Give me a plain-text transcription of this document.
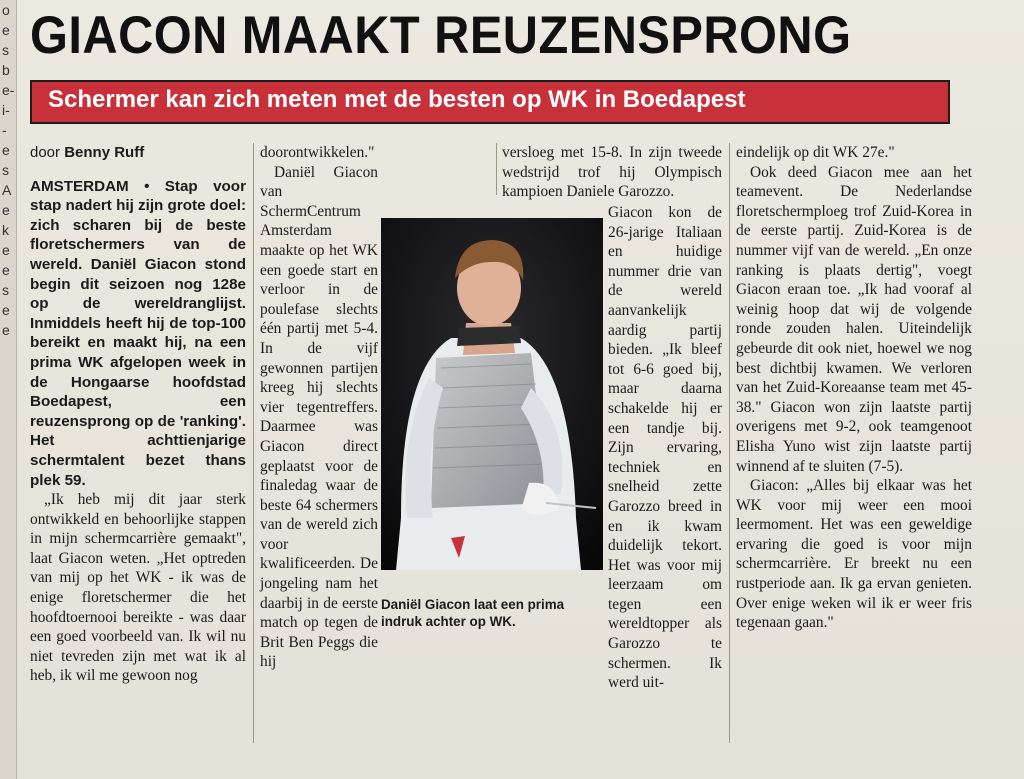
o
e
s
b
e-
i-
-
e
s
A
e
k
e
e
s
e
e
GIACON MAAKT REUZENSPRONG
Schermer kan zich meten met de besten op WK in Boedapest

door Benny Ruff

AMSTERDAM • Stap voor stap nadert hij zijn grote doel: zich scharen bij de beste floretschermers van de wereld. Daniël Giacon stond begin dit seizoen nog 128e op de wereldranglijst. Inmiddels heeft hij de top-100 bereikt en maakt hij, na een prima WK afgelopen week in de Hongaarse hoofdstad Boedapest, een reuzensprong op de 'ranking'. Het achttienjarige schermtalent bezet thans plek 59.

„Ik heb mij dit jaar sterk ontwikkeld en behoorlijke stappen in mijn schermcarrière gemaakt", laat Giacon weten. „Het optreden van mij op het WK - ik was de enige floretschermer die het hoofdtoernooi bereikte - was daar een goed voorbeeld van. Ik wil nu niet tevreden zijn met wat ik al heb, ik wil me gewoon nog

doorontwikkelen."

Daniël Giacon van SchermCentrum Amsterdam maakte op het WK een goede start en verloor in de poulefase slechts één partij met 5-4. In de vijf gewonnen partijen kreeg hij slechts vier tegentreffers. Daarmee was Giacon direct geplaatst voor de finaledag waar de beste 64 schermers van de wereld zich voor kwalificeerden. De jongeling nam het daarbij in de eerste match op tegen de Brit Ben Peggs die hij

versloeg met 15-8. In zijn tweede wedstrijd trof hij Olympisch kampioen Daniele Garozzo.

Giacon kon de 26-jarige Italiaan en huidige nummer drie van de wereld aanvankelijk aardig partij bieden. „Ik bleef tot 6-6 goed bij, maar daarna schakelde hij er een tandje bij. Zijn ervaring, techniek en snelheid zette Garozzo breed in en ik kwam duidelijk tekort. Het was voor mij leerzaam om tegen een wereldtopper als Garozzo te schermen. Ik werd uit-

eindelijk op dit WK 27e."

Ook deed Giacon mee aan het teamevent. De Nederlandse floretschermploeg trof Zuid-Korea in de eerste partij. Zuid-Korea is de nummer vijf van de wereld. „En onze ranking is plaats dertig", voegt Giacon eraan toe. „Ik had vooraf al weinig hoop dat wij de volgende ronde zouden halen. Uiteindelijk gebeurde dit ook niet, hoewel we nog best dichtbij kwamen. We verloren van het Zuid-Koreaanse team met 45-38." Giacon won zijn laatste partij overigens met 9-2, ook teamgenoot Elisha Yuno wist zijn laatste partij winnend af te sluiten (7-5).

Giacon: „Alles bij elkaar was het WK voor mij weer een mooi leermoment. Het was een geweldige ervaring die goed is voor mijn schermcarrière. Er breekt nu een rustperiode aan. Ik ga ervan genieten. Over enige weken wil ik er weer fris tegenaan gaan."

Daniël Giacon laat een prima indruk achter op WK.
